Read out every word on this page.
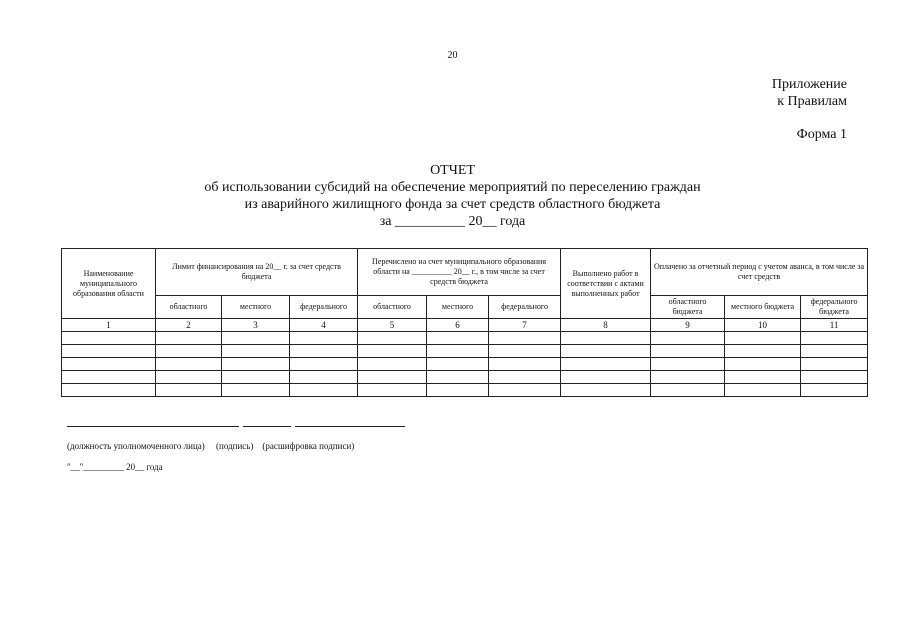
20
Приложение
к Правилам
Форма 1
ОТЧЕТ
об использовании субсидий на обеспечение мероприятий по переселению граждан
из аварийного жилищного фонда за счет средств областного бюджета
за __________ 20__ года
Наименование муниципального образования области	Лимит финансирования на 20__ г. за счет средств бюджета			Перечислено на счет муниципального образования области на __________ 20__ г., в том числе за счет средств бюджета			Выполнено работ в соответствии с актами выполненных работ	Оплачено за отчетный период с учетом аванса, в том числе за счет средств		
	областного	местного	федерального	областного	местного	федерального		областного бюджета	местного бюджета	федерального бюджета
1	2	3	4	5	6	7	8	9	10	11

(должность уполномоченного лица)     (подпись)    (расшифровка подписи)
"__"_________ 20__ года
